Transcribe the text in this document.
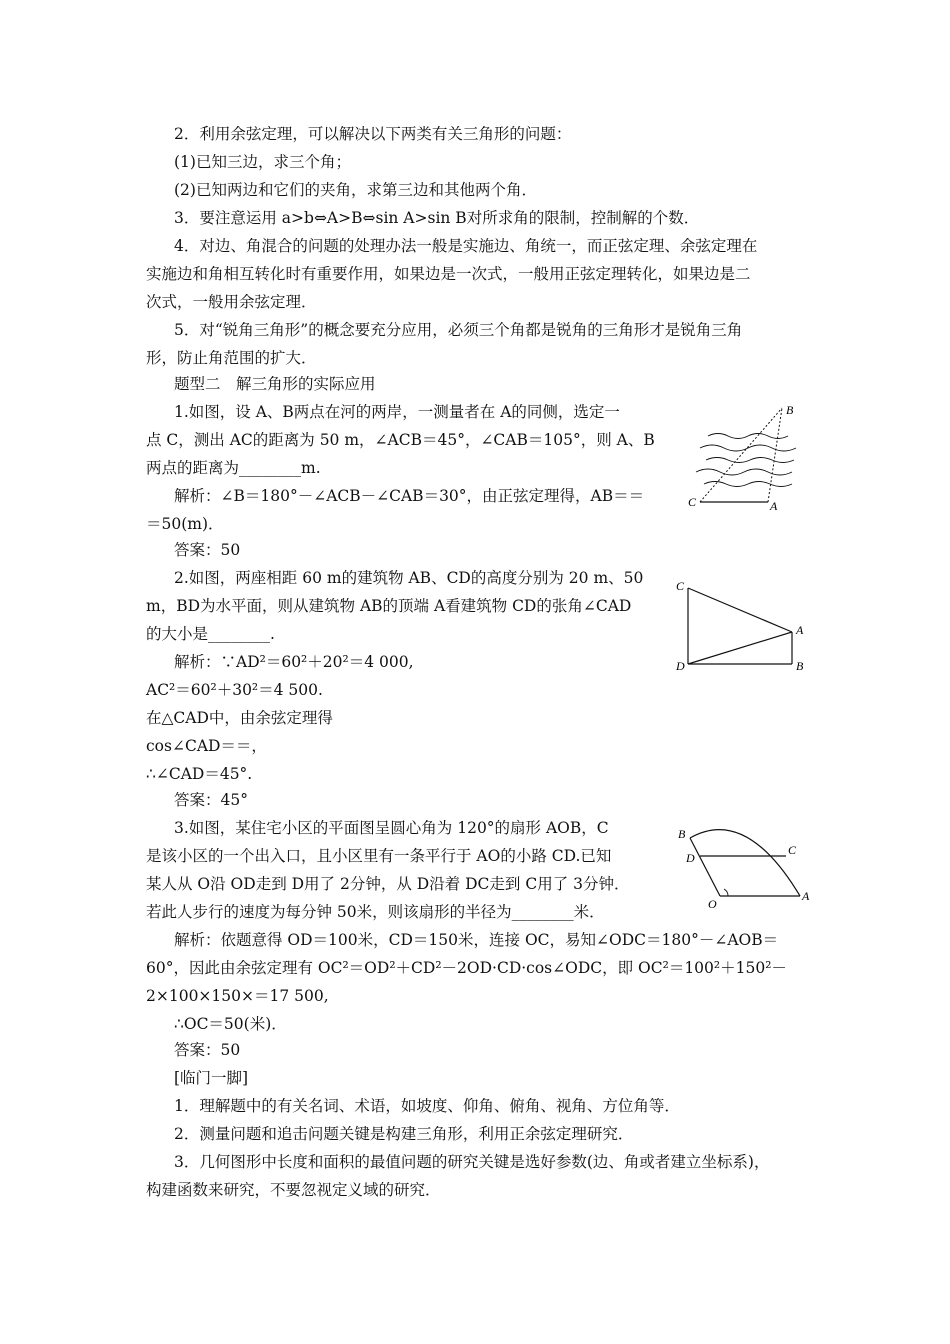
2．利用余弦定理，可以解决以下两类有关三角形的问题：
(1)已知三边，求三个角；
(2)已知两边和它们的夹角，求第三边和其他两个角．
3．要注意运用 a>b⇔A>B⇔sin A>sin B对所求角的限制，控制解的个数．
4．对边、角混合的问题的处理办法一般是实施边、角统一，而正弦定理、余弦定理在
实施边和角相互转化时有重要作用，如果边是一次式，一般用正弦定理转化，如果边是二
次式，一般用余弦定理．
5．对“锐角三角形”的概念要充分应用，必须三个角都是锐角的三角形才是锐角三角
形，防止角范围的扩大．
题型二　解三角形的实际应用
1.如图，设 A、B两点在河的两岸，一测量者在 A的同侧，选定一
点 C，测出 AC的距离为 50 m，∠ACB＝45°，∠CAB＝105°，则 A、B
两点的距离为________m.
解析：∠B＝180°－∠ACB－∠CAB＝30°，由正弦定理得，AB＝＝
＝50(m)．
答案：50
2.如图，两座相距 60 m的建筑物 AB、CD的高度分别为 20 m、50
m，BD为水平面，则从建筑物 AB的顶端 A看建筑物 CD的张角∠CAD
的大小是________.
解析：∵AD²＝60²＋20²＝4 000,
AC²＝60²＋30²＝4 500.
在△CAD中，由余弦定理得
cos∠CAD＝＝，
∴∠CAD＝45°.
答案：45°
3.如图，某住宅小区的平面图呈圆心角为 120°的扇形 AOB，C
是该小区的一个出入口，且小区里有一条平行于 AO的小路 CD.已知
某人从 O沿 OD走到 D用了 2分钟，从 D沿着 DC走到 C用了 3分钟．
若此人步行的速度为每分钟 50米，则该扇形的半径为________米．
解析：依题意得 OD＝100米，CD＝150米，连接 OC，易知∠ODC＝180°－∠AOB＝
60°，因此由余弦定理有 OC²＝OD²＋CD²－2OD·CD·cos∠ODC，即 OC²＝100²＋150²－
2×100×150×＝17 500,
∴OC＝50(米)．
答案：50
[临门一脚]
1．理解题中的有关名词、术语，如坡度、仰角、俯角、视角、方位角等．
2．测量问题和追击问题关键是构建三角形，利用正余弦定理研究．
3．几何图形中长度和面积的最值问题的研究关键是选好参数(边、角或者建立坐标系)，
构建函数来研究，不要忽视定义域的研究．
B
C	A
C
A
D	B
B
D
C
O
A
